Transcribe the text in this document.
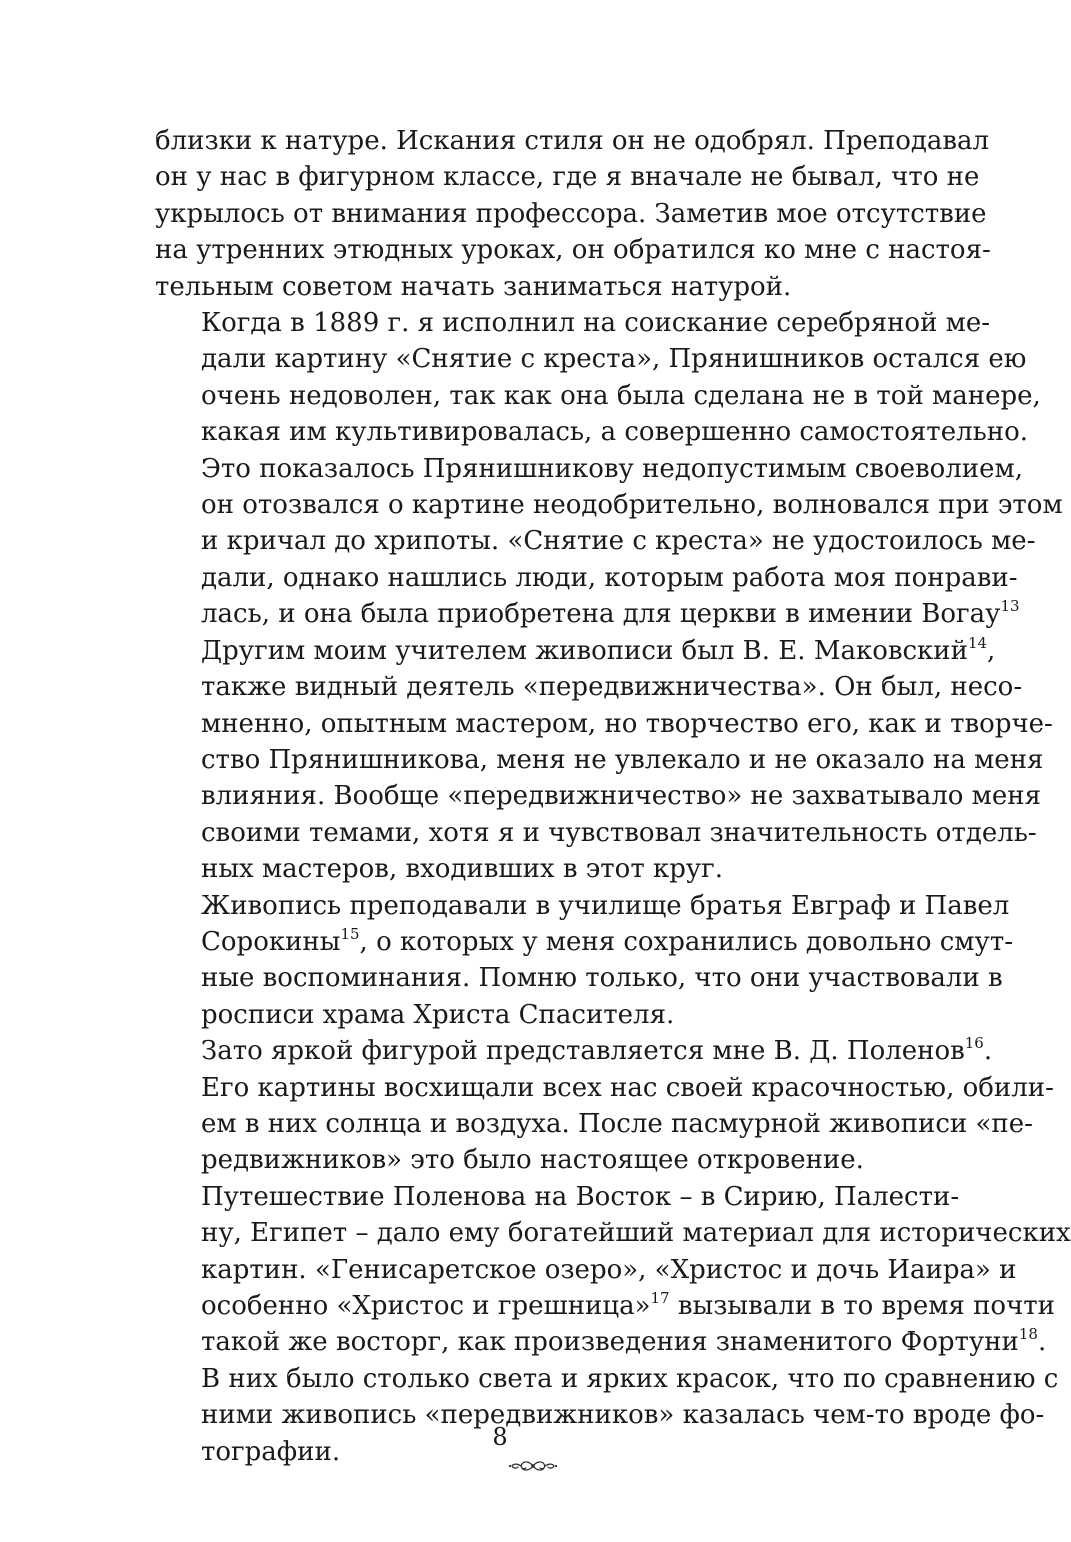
близки к натуре. Искания стиля он не одобрял. Преподавал
он у нас в фигурном классе, где я вначале не бывал, что не
укрылось от внимания профессора. Заметив мое отсутствие
на утренних этюдных уроках, он обратился ко мне с настоя-
тельным советом начать заниматься натурой.

Когда в 1889 г. я исполнил на соискание серебряной ме-
дали картину «Снятие с креста», Прянишников остался ею
очень недоволен, так как она была сделана не в той манере,
какая им культивировалась, а совершенно самостоятельно.
Это показалось Прянишникову недопустимым своеволием,
он отозвался о картине неодобрительно, волновался при этом
и кричал до хрипоты. «Снятие с креста» не удостоилось ме-
дали, однако нашлись люди, которым работа моя понрави-
лась, и она была приобретена для церкви в имении Вогау$^{13}$

Другим моим учителем живописи был В. Е. Маковский$^{14}$,
также видный деятель «передвижничества». Он был, несо-
мненно, опытным мастером, но творчество его, как и творче-
ство Прянишникова, меня не увлекало и не оказало на меня
влияния. Вообще «передвижничество» не захватывало меня
своими темами, хотя я и чувствовал значительность отдель-
ных мастеров, входивших в этот круг.

Живопись преподавали в училище братья Евграф и Павел
Сорокины$^{15}$, о которых у меня сохранились довольно смут-
ные воспоминания. Помню только, что они участвовали в
росписи храма Христа Спасителя.

Зато яркой фигурой представляется мне В. Д. Поленов$^{16}$.
Его картины восхищали всех нас своей красочностью, обили-
ем в них солнца и воздуха. После пасмурной живописи «пе-
редвижников» это было настоящее откровение.

Путешествие Поленова на Восток – в Сирию, Палести-
ну, Египет – дало ему богатейший материал для исторических
картин. «Генисаретское озеро», «Христос и дочь Иаира» и
особенно «Христос и грешница»$^{17}$ вызывали в то время почти
такой же восторг, как произведения знаменитого Фортуни$^{18}$.
В них было столько света и ярких красок, что по сравнению с
ними живопись «передвижников» казалась чем-то вроде фо-
тографии.	8
